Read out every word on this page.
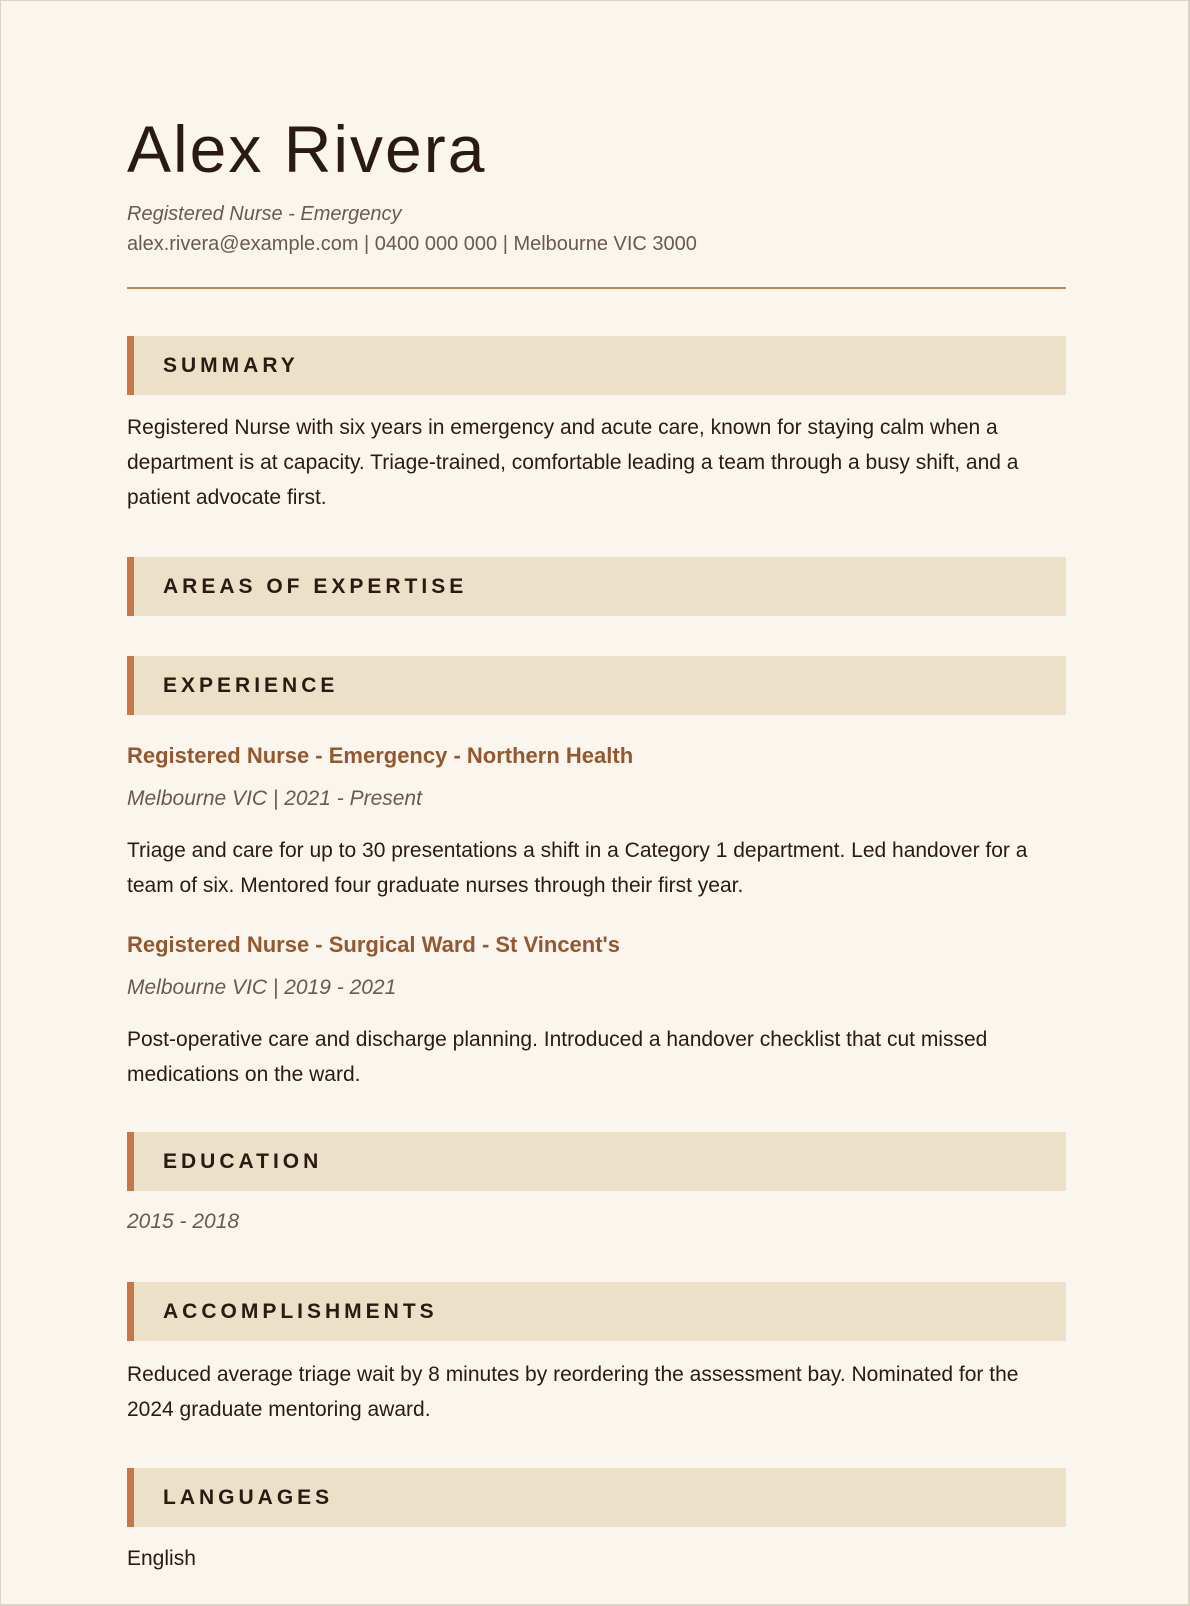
Alex Rivera
Registered Nurse - Emergency
alex.rivera@example.com | 0400 000 000 | Melbourne VIC 3000
SUMMARY
Registered Nurse with six years in emergency and acute care, known for staying calm when a department is at capacity. Triage-trained, comfortable leading a team through a busy shift, and a patient advocate first.
AREAS OF EXPERTISE
EXPERIENCE
Registered Nurse - Emergency - Northern Health
Melbourne VIC | 2021 - Present
Triage and care for up to 30 presentations a shift in a Category 1 department. Led handover for a team of six. Mentored four graduate nurses through their first year.
Registered Nurse - Surgical Ward - St Vincent's
Melbourne VIC | 2019 - 2021
Post-operative care and discharge planning. Introduced a handover checklist that cut missed medications on the ward.
EDUCATION
2015 - 2018
ACCOMPLISHMENTS
Reduced average triage wait by 8 minutes by reordering the assessment bay. Nominated for the 2024 graduate mentoring award.
LANGUAGES
English
